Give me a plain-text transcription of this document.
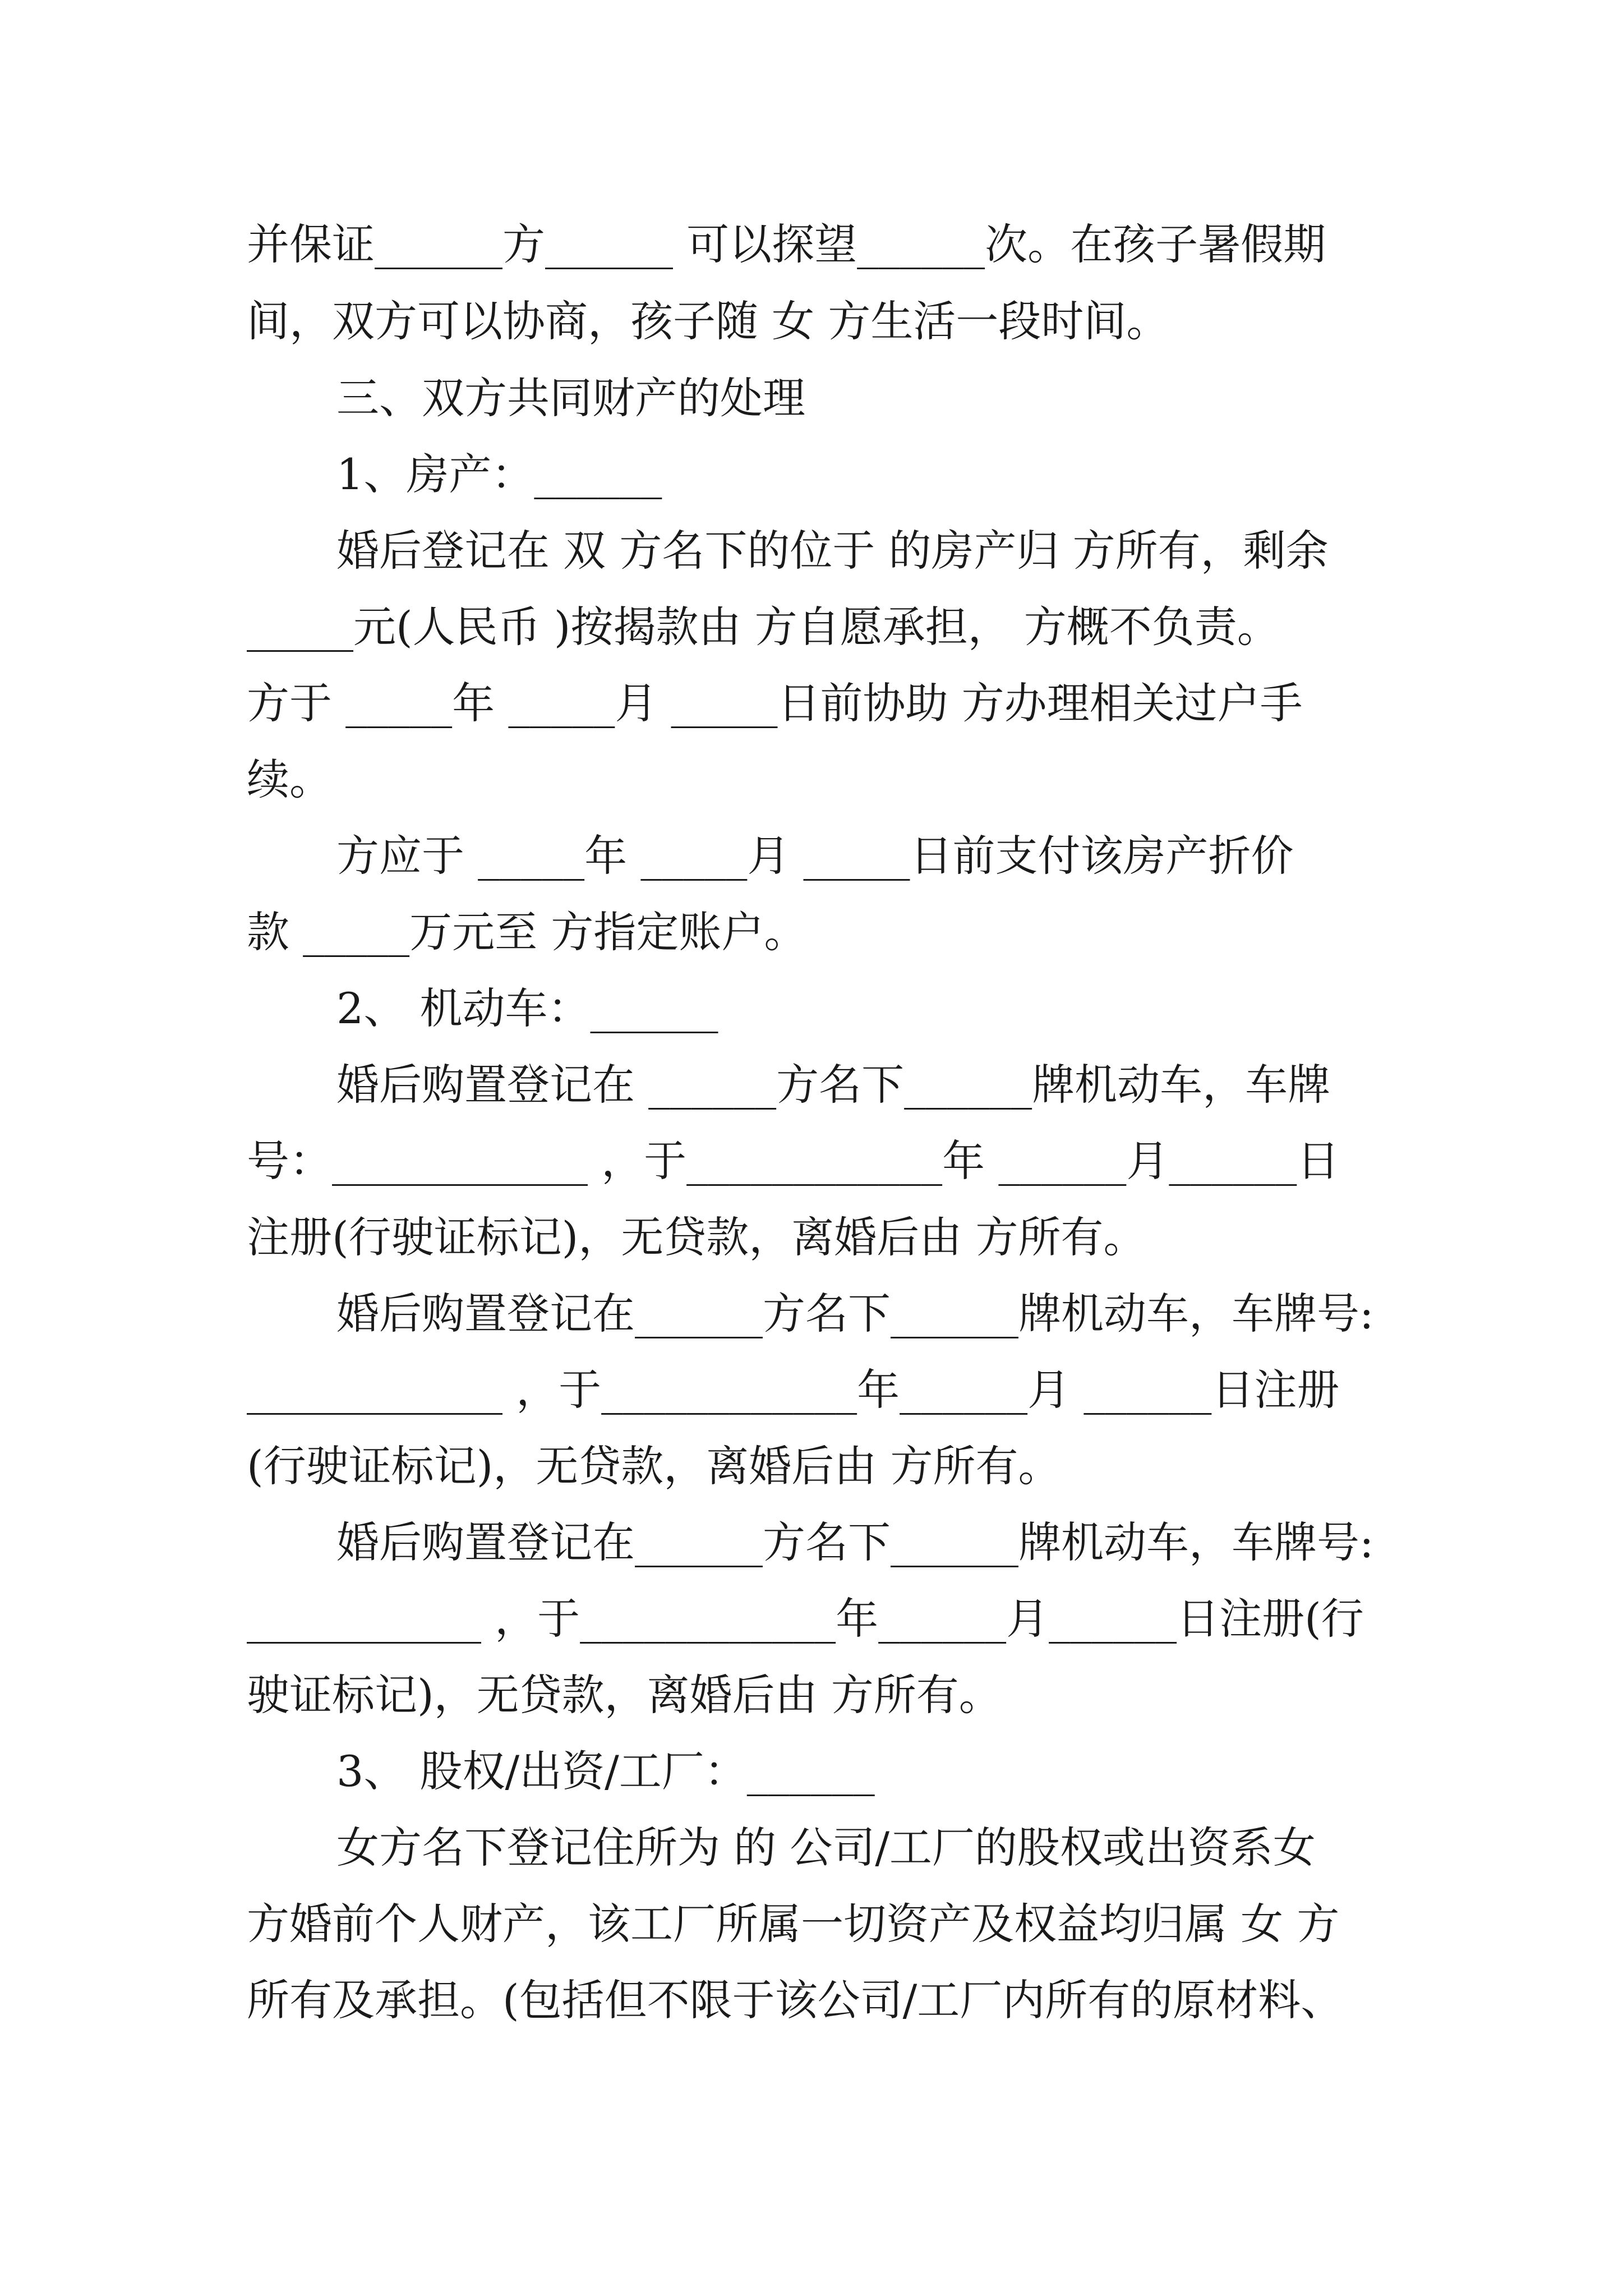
并保证______方______ 可以探望______次。在孩子暑假期
间，双方可以协商，孩子随 女 方生活一段时间。
三、双方共同财产的处理
1、房产：______
婚后登记在 双 方名下的位于 的房产归 方所有，剩余
_____元(人民币 )按揭款由 方自愿承担， 方概不负责。
方于 _____年 _____月 _____日前协助 方办理相关过户手
续。
方应于 _____年 _____月 _____日前支付该房产折价
款 _____万元至 方指定账户。
2、 机动车：______
婚后购置登记在 ______方名下______牌机动车，车牌
号：____________ ，于____________年 ______月______日
注册(行驶证标记)，无贷款，离婚后由 方所有。
婚后购置登记在______方名下______牌机动车，车牌号:
____________ ，于____________年______月 ______日注册
(行驶证标记)，无贷款，离婚后由 方所有。
婚后购置登记在______方名下______牌机动车，车牌号:
___________ ，于____________年______月______日注册(行
驶证标记)，无贷款，离婚后由 方所有。
3、 股权/出资/工厂：______
女方名下登记住所为 的 公司/工厂的股权或出资系女
方婚前个人财产，该工厂所属一切资产及权益均归属 女 方
所有及承担。(包括但不限于该公司/工厂内所有的原材料、
